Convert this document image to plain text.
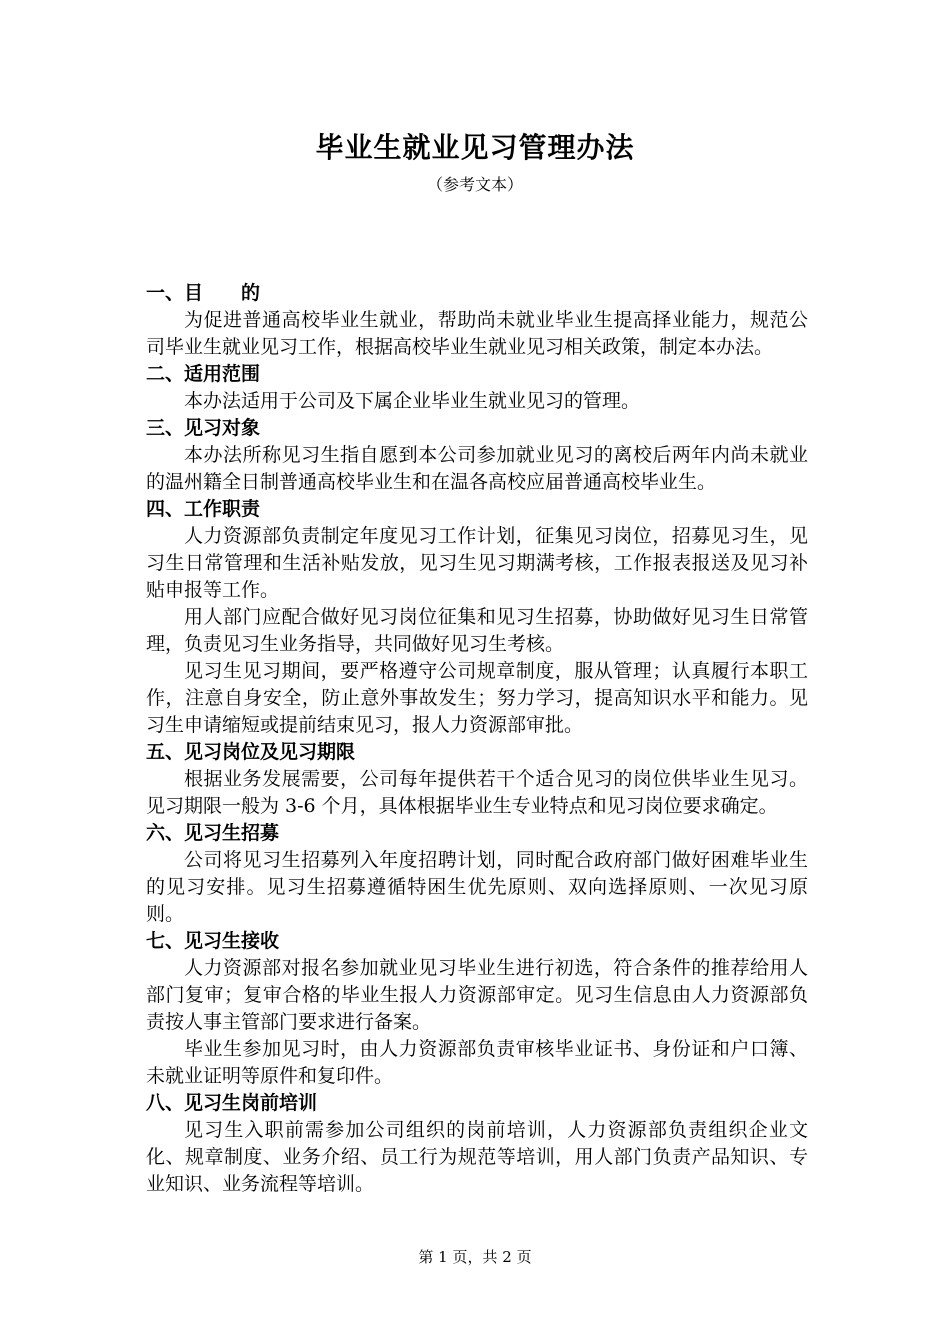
毕业生就业见习管理办法
（参考文本）
一、目　　的

为促进普通高校毕业生就业，帮助尚未就业毕业生提高择业能力，规范公司毕业生就业见习工作，根据高校毕业生就业见习相关政策，制定本办法。

二、适用范围

本办法适用于公司及下属企业毕业生就业见习的管理。

三、见习对象

本办法所称见习生指自愿到本公司参加就业见习的离校后两年内尚未就业的温州籍全日制普通高校毕业生和在温各高校应届普通高校毕业生。

四、工作职责

人力资源部负责制定年度见习工作计划，征集见习岗位，招募见习生，见习生日常管理和生活补贴发放，见习生见习期满考核，工作报表报送及见习补贴申报等工作。

用人部门应配合做好见习岗位征集和见习生招募，协助做好见习生日常管理，负责见习生业务指导，共同做好见习生考核。

见习生见习期间，要严格遵守公司规章制度，服从管理；认真履行本职工作，注意自身安全，防止意外事故发生；努力学习，提高知识水平和能力。见习生申请缩短或提前结束见习，报人力资源部审批。

五、见习岗位及见习期限

根据业务发展需要，公司每年提供若干个适合见习的岗位供毕业生见习。见习期限一般为 3-6 个月，具体根据毕业生专业特点和见习岗位要求确定。

六、见习生招募

公司将见习生招募列入年度招聘计划，同时配合政府部门做好困难毕业生的见习安排。见习生招募遵循特困生优先原则、双向选择原则、一次见习原则。

七、见习生接收

人力资源部对报名参加就业见习毕业生进行初选，符合条件的推荐给用人部门复审；复审合格的毕业生报人力资源部审定。见习生信息由人力资源部负责按人事主管部门要求进行备案。

毕业生参加见习时，由人力资源部负责审核毕业证书、身份证和户口簿、未就业证明等原件和复印件。

八、见习生岗前培训

见习生入职前需参加公司组织的岗前培训，人力资源部负责组织企业文化、规章制度、业务介绍、员工行为规范等培训，用人部门负责产品知识、专业知识、业务流程等培训。

第 1 页，共 2 页
